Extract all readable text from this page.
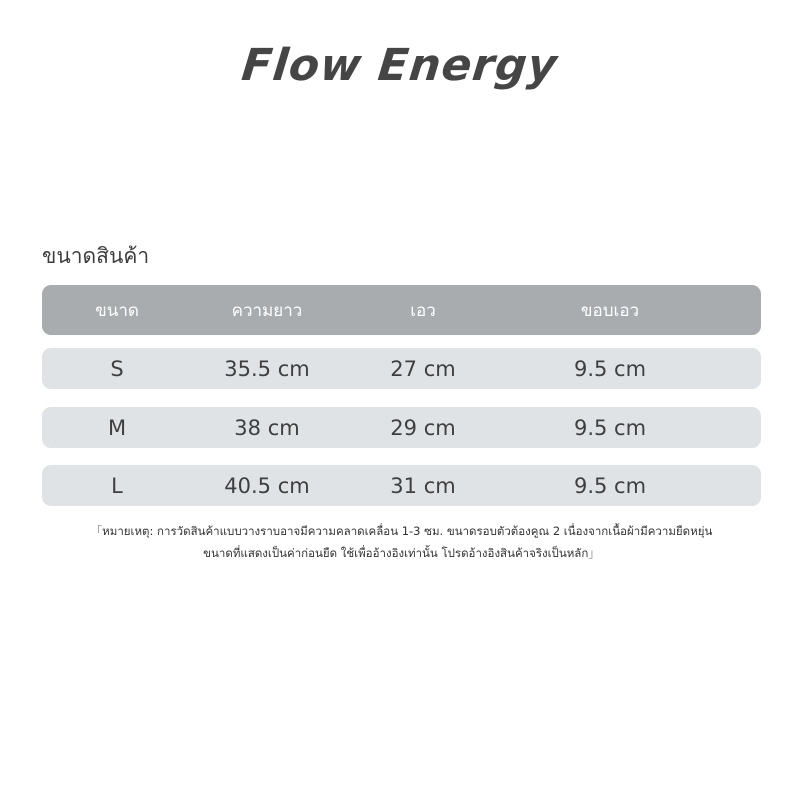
Flow Energy
ขนาดสินค้า
ขนาด	ความยาว	เอว	ขอบเอว
S	35.5 cm	27 cm	9.5 cm
M	38 cm	29 cm	9.5 cm
L	40.5 cm	31 cm	9.5 cm
「หมายเหตุ: การวัดสินค้าแบบวางราบอาจมีความคลาดเคลื่อน 1-3 ซม. ขนาดรอบตัวต้องคูณ 2 เนื่องจากเนื้อผ้ามีความยืดหยุ่น
ขนาดที่แสดงเป็นค่าก่อนยืด ใช้เพื่ออ้างอิงเท่านั้น โปรดอ้างอิงสินค้าจริงเป็นหลัก」
